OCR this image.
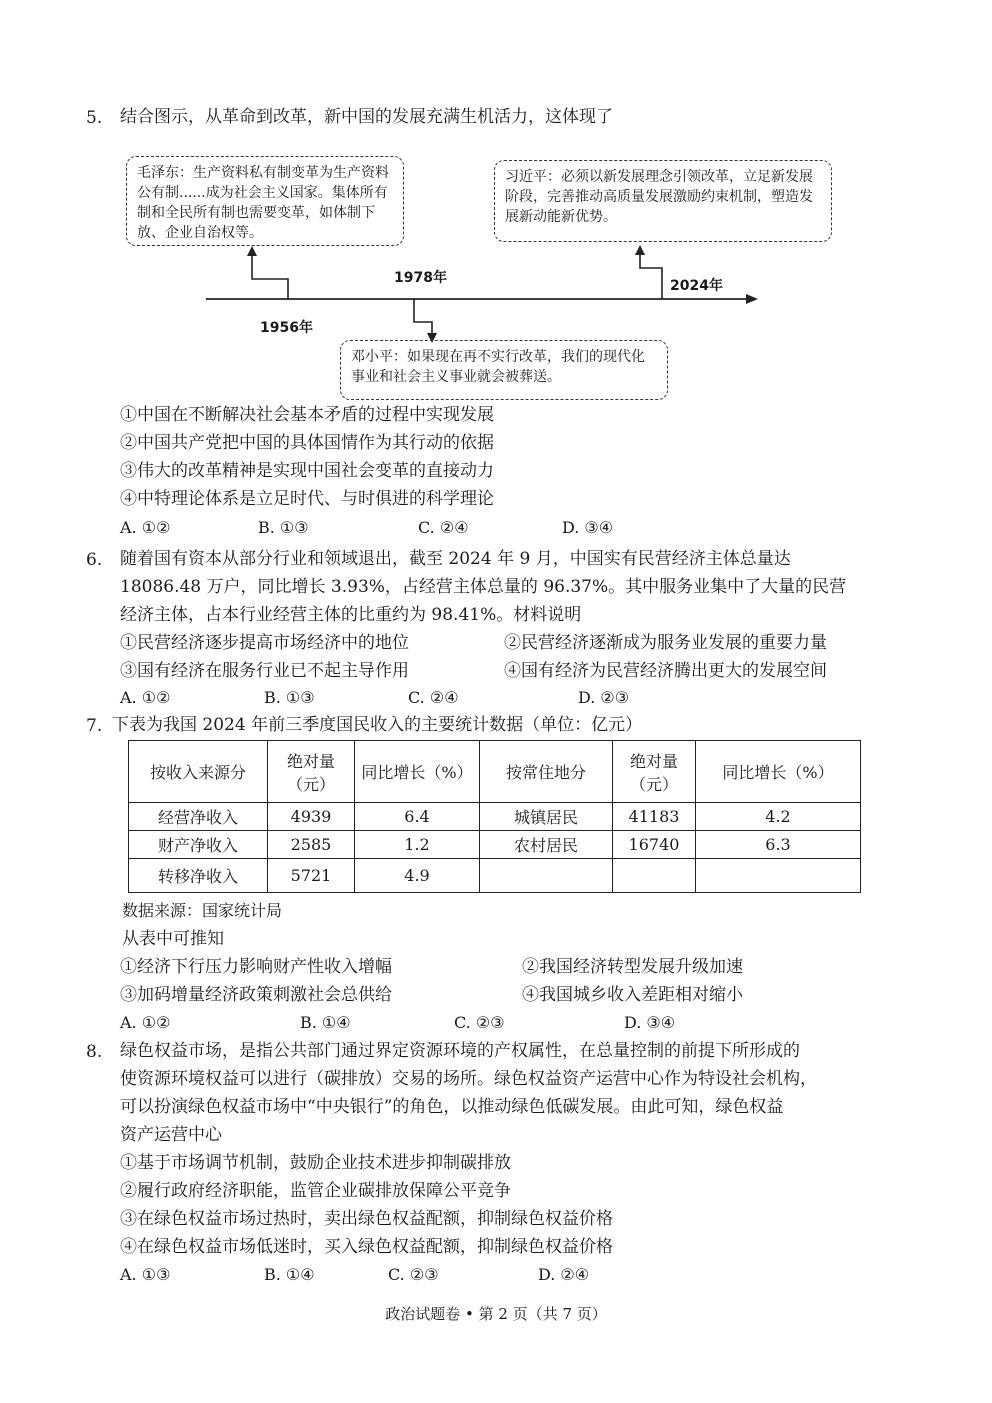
5. 结合图示，从革命到改革，新中国的发展充满生机活力，这体现了
毛泽东：生产资料私有制变革为生产资料公有制......成为社会主义国家。集体所有制和全民所有制也需要变革，如体制下放、企业自治权等。
习近平：必须以新发展理念引领改革，立足新发展阶段，完善推动高质量发展激励约束机制，塑造发展新动能新优势。
邓小平：如果现在再不实行改革，我们的现代化事业和社会主义事业就会被葬送。
1956年
1978年	2024年
①中国在不断解决社会基本矛盾的过程中实现发展
②中国共产党把中国的具体国情作为其行动的依据
③伟大的改革精神是实现中国社会变革的直接动力
④中特理论体系是立足时代、与时俱进的科学理论
A. ①②	B. ①③	C. ②④	D. ③④
6. 随着国有资本从部分行业和领域退出，截至 2024 年 9 月，中国实有民营经济主体总量达
18086.48 万户，同比增长 3.93%，占经营主体总量的 96.37%。其中服务业集中了大量的民营
经济主体，占本行业经营主体的比重约为 98.41%。材料说明
①民营经济逐步提高市场经济中的地位	②民营经济逐渐成为服务业发展的重要力量
③国有经济在服务行业已不起主导作用	④国有经济为民营经济腾出更大的发展空间
A. ①②	B. ①③	C. ②④	D. ②③
7. 下表为我国 2024 年前三季度国民收入的主要统计数据（单位：亿元）
按收入来源分	绝对量（元）	同比增长（%）	按常住地分	绝对量（元）	同比增长（%）
经营净收入	4939	6.4	城镇居民	41183	4.2
财产净收入	2585	1.2	农村居民	16740	6.3
转移净收入	5721	4.9			
数据来源：国家统计局
从表中可推知
①经济下行压力影响财产性收入增幅	②我国经济转型发展升级加速
③加码增量经济政策刺激社会总供给	④我国城乡收入差距相对缩小
A. ①②	B. ①④	C. ②③	D. ③④
8. 绿色权益市场，是指公共部门通过界定资源环境的产权属性，在总量控制的前提下所形成的
使资源环境权益可以进行（碳排放）交易的场所。绿色权益资产运营中心作为特设社会机构，
可以扮演绿色权益市场中“中央银行”的角色，以推动绿色低碳发展。由此可知，绿色权益
资产运营中心
①基于市场调节机制，鼓励企业技术进步抑制碳排放
②履行政府经济职能，监管企业碳排放保障公平竞争
③在绿色权益市场过热时，卖出绿色权益配额，抑制绿色权益价格
④在绿色权益市场低迷时，买入绿色权益配额，抑制绿色权益价格
A. ①③	B. ①④	C. ②③	D. ②④
政治试题卷 • 第 2 页（共 7 页）
